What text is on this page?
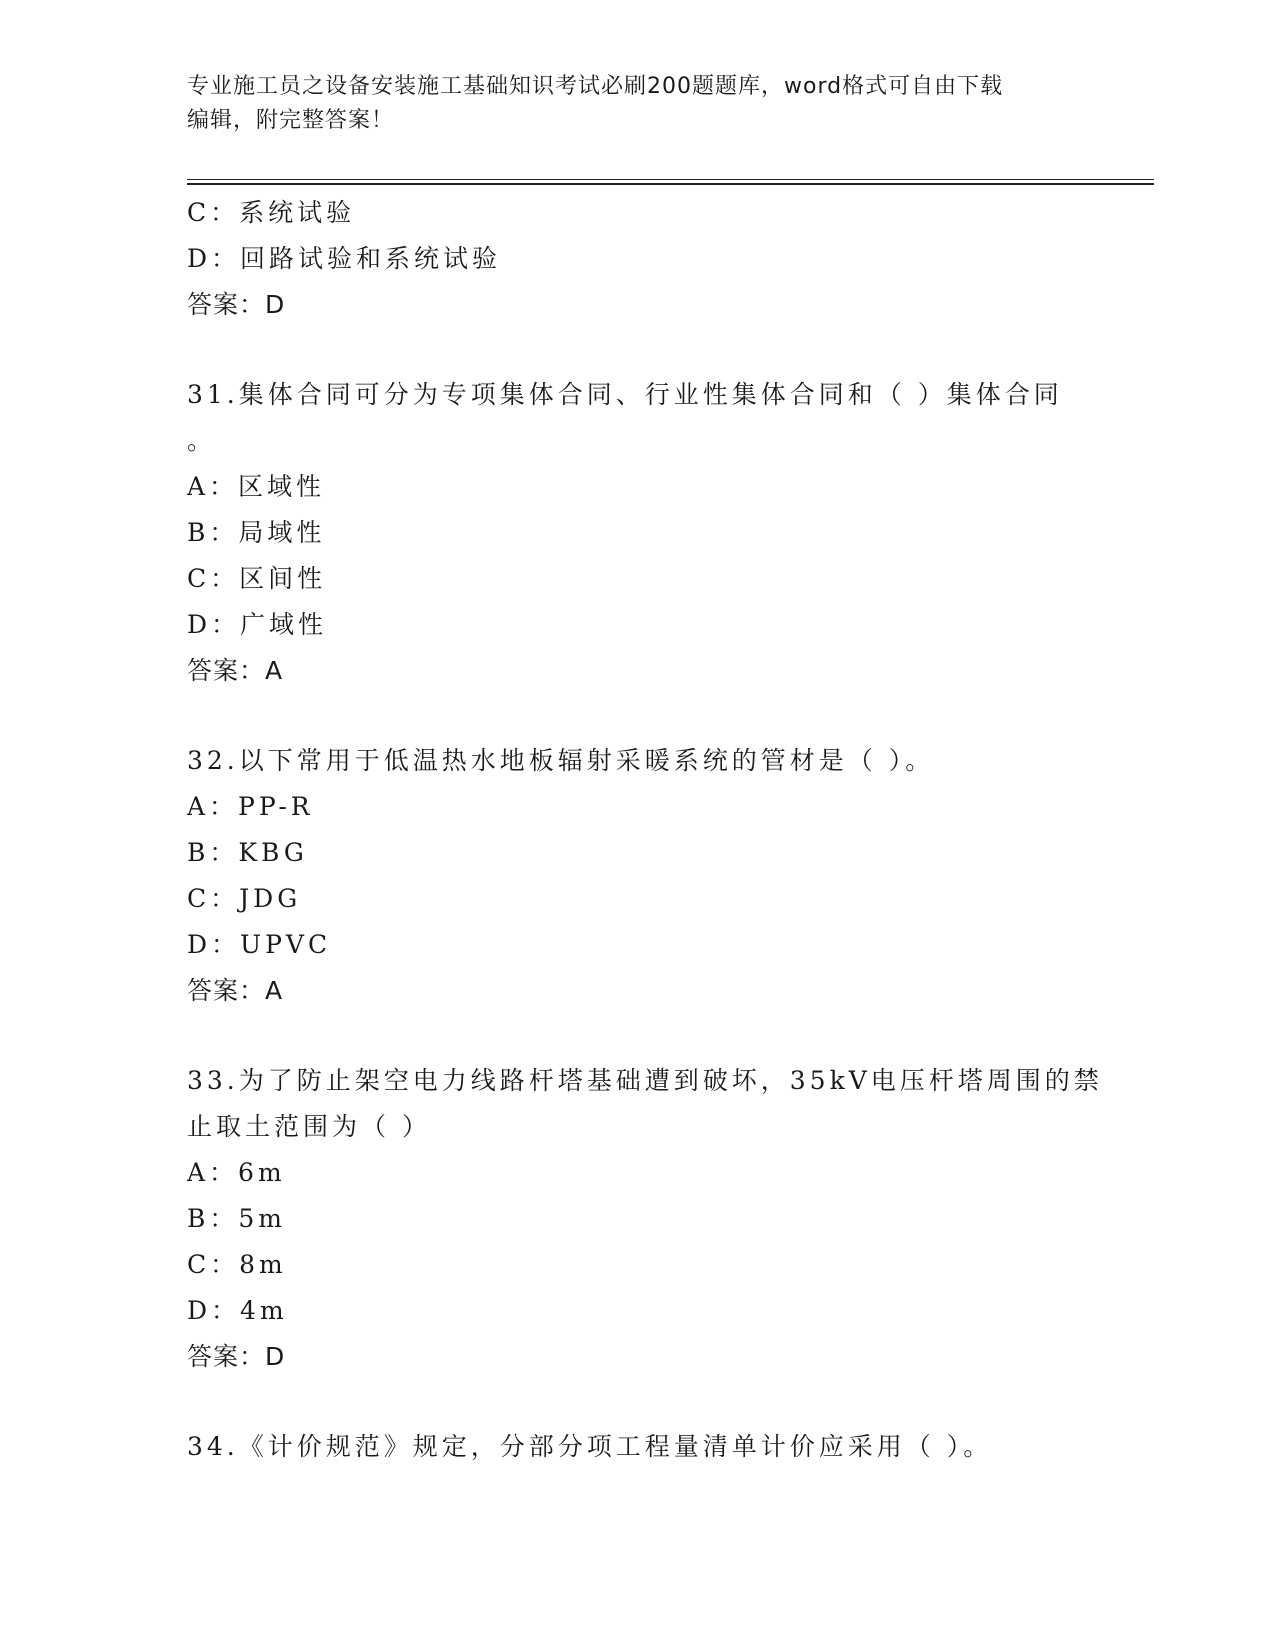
专业施工员之设备安装施工基础知识考试必刷200题题库，word格式可自由下载
编辑，附完整答案！
C：系统试验
D：回路试验和系统试验
答案：D
31.集体合同可分为专项集体合同、行业性集体合同和（ ）集体合同
。
A：区域性
B：局域性
C：区间性
D：广域性
答案：A
32.以下常用于低温热水地板辐射采暖系统的管材是（ ）。
A：PP-R
B：KBG
C：JDG
D：UPVC
答案：A
33.为了防止架空电力线路杆塔基础遭到破坏，35kV电压杆塔周围的禁
止取土范围为（ ）
A：6m
B：5m
C：8m
D：4m
答案：D
34.《计价规范》规定，分部分项工程量清单计价应采用（ ）。
